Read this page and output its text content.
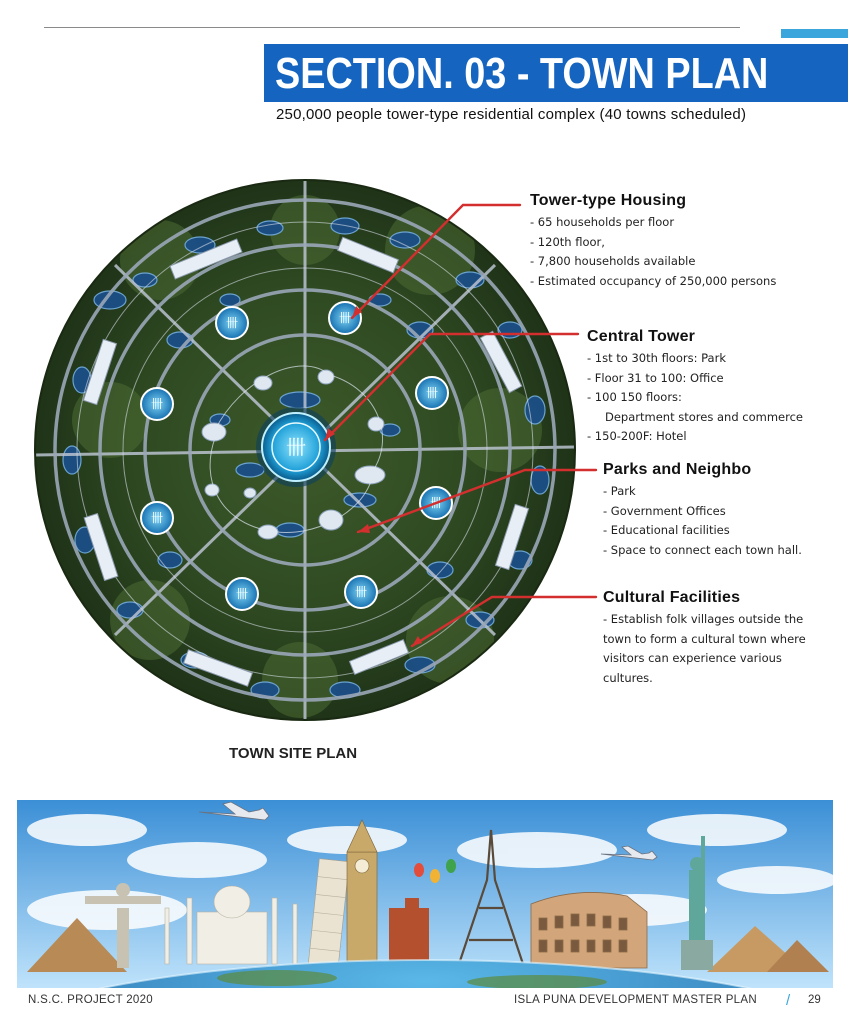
SECTION. 03 - TOWN PLAN
250,000 people tower-type residential complex (40 towns scheduled)
卌	卌
卌
卌
卌
卌
卌	卌
卌
Tower-type Housing
- 65 households per floor
- 120th floor,
- 7,800 households available
- Estimated occupancy of 250,000 persons
Central Tower
- 1st to 30th floors: Park
- Floor 31 to 100: Office
- 100 150 floors:
Department stores and commerce
- 150-200F: Hotel
Parks and Neighbo
- Park
- Government Offices
- Educational facilities
- Space to connect each town hall.
Cultural Facilities
- Establish folk villages outside the town to form a cultural town where visitors can experience various cultures.
TOWN SITE PLAN
N.S.C. PROJECT 2020	ISLA PUNA DEVELOPMENT MASTER PLAN / 29
